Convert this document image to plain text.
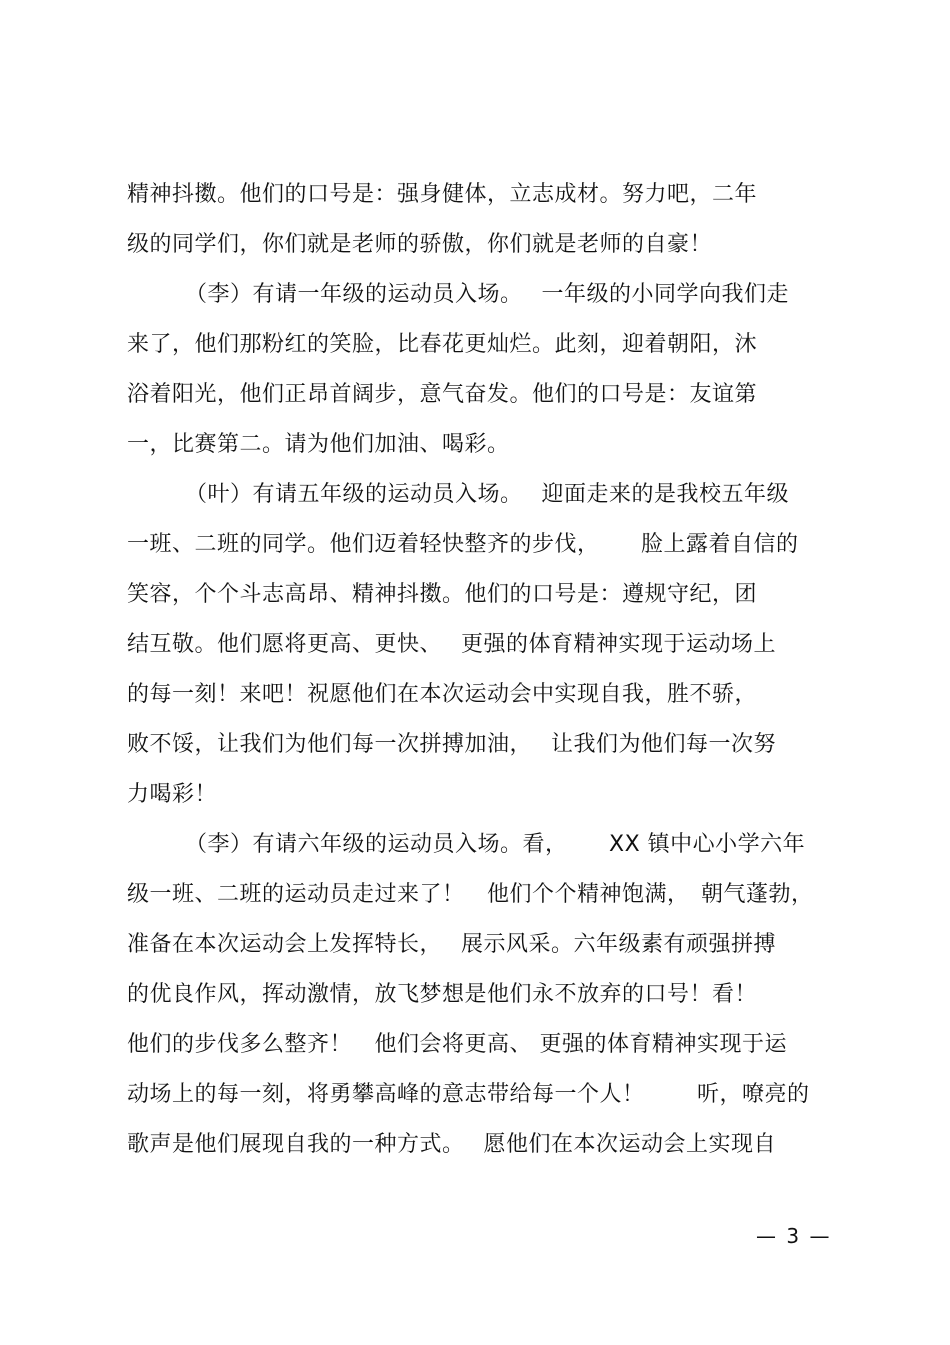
精神抖擞。他们的口号是：强身健体，立志成材。努力吧，二年
级的同学们，你们就是老师的骄傲，你们就是老师的自豪！
（李）有请一年级的运动员入场。　 一年级的小同学向我们走
来了，他们那粉红的笑脸，比春花更灿烂。此刻，迎着朝阳，沐
浴着阳光，他们正昂首阔步，意气奋发。他们的口号是：友谊第
一，比赛第二。请为他们加油、喝彩。
（叶）有请五年级的运动员入场。　 迎面走来的是我校五年级
一班、二班的同学。他们迈着轻快整齐的步伐，　　 脸上露着自信的
笑容，个个斗志高昂、精神抖擞。他们的口号是：遵规守纪，团
结互敬。他们愿将更高、更快、　 更强的体育精神实现于运动场上
的每一刻！来吧！祝愿他们在本次运动会中实现自我，胜不骄，
败不馁，让我们为他们每一次拼搏加油，　 让我们为他们每一次努
力喝彩！
（李）有请六年级的运动员入场。看，　　 XX 镇中心小学六年
级一班、二班的运动员走过来了！　他们个个精神饱满，　朝气蓬勃，
准备在本次运动会上发挥特长，　 展示风采。六年级素有顽强拼搏
的优良作风，挥动激情，放飞梦想是他们永不放弃的口号！看！
他们的步伐多么整齐！　他们会将更高、 更强的体育精神实现于运
动场上的每一刻，将勇攀高峰的意志带给每一个人！　　 听，嘹亮的
歌声是他们展现自我的一种方式。　 愿他们在本次运动会上实现自
— 3 —
